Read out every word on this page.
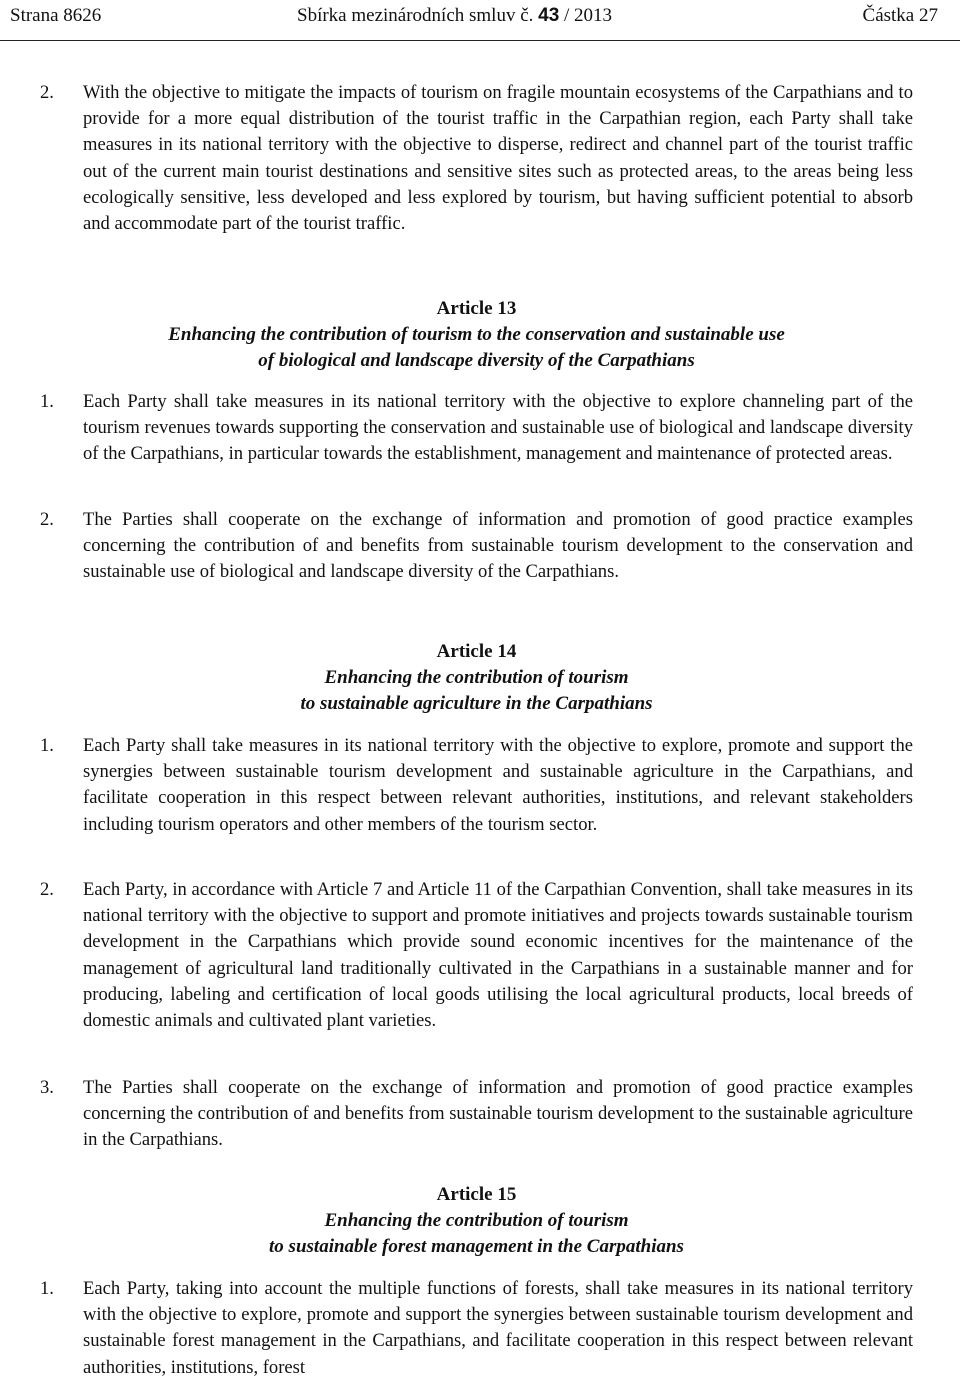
Strana 8626	Sbírka mezinárodních smluv č. 43 / 2013	Částka 27
2. With the objective to mitigate the impacts of tourism on fragile mountain ecosystems of the Carpathians and to provide for a more equal distribution of the tourist traffic in the Carpathian region, each Party shall take measures in its national territory with the objective to disperse, redirect and channel part of the tourist traffic out of the current main tourist destinations and sensitive sites such as protected areas, to the areas being less ecologically sensitive, less developed and less explored by tourism, but having sufficient potential to absorb and accommodate part of the tourist traffic.
Article 13
Enhancing the contribution of tourism to the conservation and sustainable use
of biological and landscape diversity of the Carpathians
1. Each Party shall take measures in its national territory with the objective to explore channeling part of the tourism revenues towards supporting the conservation and sustainable use of biological and landscape diversity of the Carpathians, in particular towards the establishment, management and maintenance of protected areas.
2. The Parties shall cooperate on the exchange of information and promotion of good practice examples concerning the contribution of and benefits from sustainable tourism development to the conservation and sustainable use of biological and landscape diversity of the Carpathians.
Article 14
Enhancing the contribution of tourism
to sustainable agriculture in the Carpathians
1. Each Party shall take measures in its national territory with the objective to explore, promote and support the synergies between sustainable tourism development and sustainable agriculture in the Carpathians, and facilitate cooperation in this respect between relevant authorities, institutions, and relevant stakeholders including tourism operators and other members of the tourism sector.
2. Each Party, in accordance with Article 7 and Article 11 of the Carpathian Convention, shall take measures in its national territory with the objective to support and promote initiatives and projects towards sustainable tourism development in the Carpathians which provide sound economic incentives for the maintenance of the management of agricultural land traditionally cultivated in the Carpathians in a sustainable manner and for producing, labeling and certification of local goods utilising the local agricultural products, local breeds of domestic animals and cultivated plant varieties.
3. The Parties shall cooperate on the exchange of information and promotion of good practice examples concerning the contribution of and benefits from sustainable tourism development to the sustainable agriculture in the Carpathians.
Article 15
Enhancing the contribution of tourism
to sustainable forest management in the Carpathians
1. Each Party, taking into account the multiple functions of forests, shall take measures in its national territory with the objective to explore, promote and support the synergies between sustainable tourism development and sustainable forest management in the Carpathians, and facilitate cooperation in this respect between relevant authorities, institutions, forest
